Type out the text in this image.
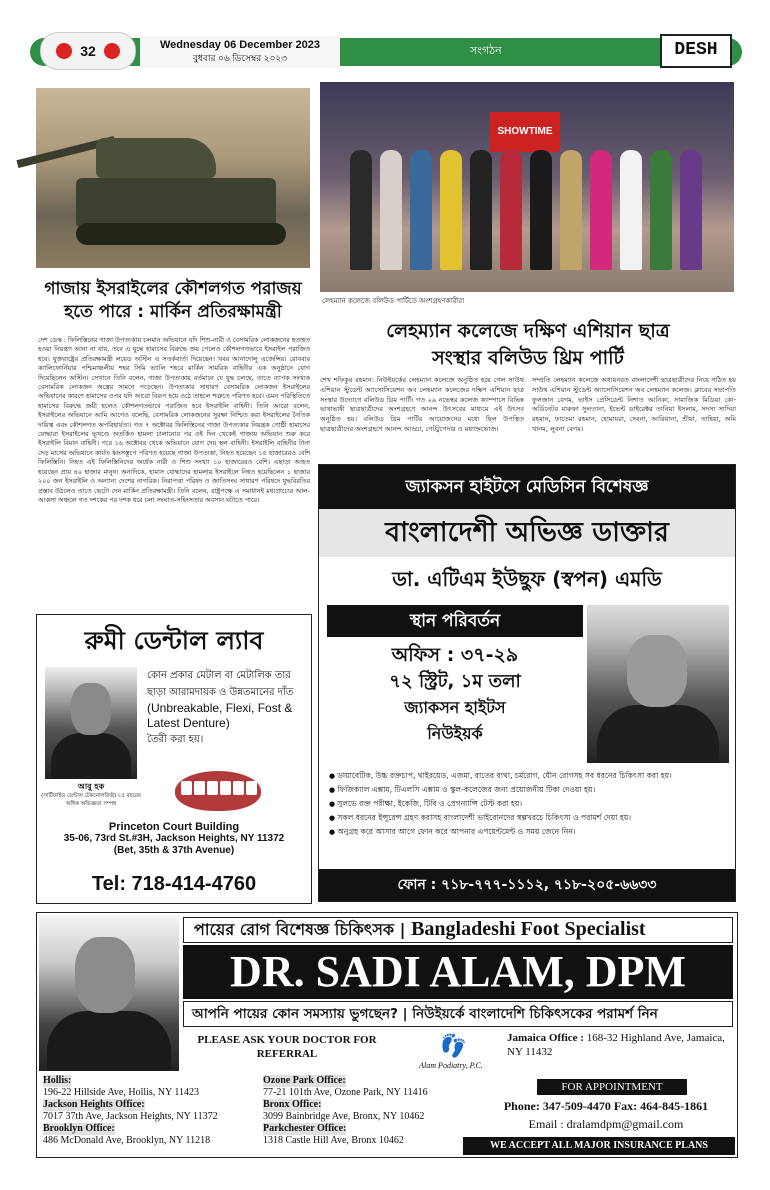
32	Wednesday 06 December 2023
বুধবার ০৬ ডিসেম্বর ২০২৩
সংগঠন	DESH
গাজায় ইসরাইলের কৌশলগত পরাজয়
হতে পারে : মার্কিন প্রতিরক্ষামন্ত্রী
দেশ ডেস্ক : ফিলিস্তিনের গাজা উপত্যকায় চলমান অভিযানে যদি শিশু-নারী ও বেসামরিক লোকজনের হতাহত হওয়া নিয়ন্ত্রণ আনা না যায়, তবে এ যুদ্ধে হামাসের বিরুদ্ধে জয় পেলেও কৌশলগতভাবে ইসরাইল পরাজিত হবে। যুক্তরাষ্ট্রের প্রতিরক্ষামন্ত্রী লয়েড অস্টিন এ সতর্কবার্তা দিয়েছেন। খবর আনাদোলু এজেন্সির। রোববার ক্যালিফোর্নিয়ার পশ্চিমাঞ্চলীয় শহর সিমি ভ্যালি শহরে মার্কিন সামরিক বাহিনীর এক অনুষ্ঠানে যোগ দিয়েছিলেন অস্টিন। সেখানে তিনি বলেন, গাজা উপত্যকায় বর্তমানে যে যুদ্ধ চলছে, তাতে ব্যাপক সংখ্যক বেসামরিক লোকজন অস্ত্রের সামনে পড়েছেন। উপত্যকার সাধারণ বেসামরিক লোকজন ইসরাইলের অভিযানের কারণে হামাসের ওপর যদি আরো বিরূপ হয়ে ওঠে তাহলে শত্রুতে পরিণত হবে। এমন পরিস্থিতিতে হামাসের বিরুদ্ধে জয়ী হলেও কৌশলগতভাবে পরাজিত হবে ইসরাইলি বাহিনী। তিনি আরো বলেন, ইসরাইলের অভিযানে আমি আগেও বলেছি, বেসামরিক লোকজনের সুরক্ষা নিশ্চিত করা ইসরাইলের নৈতিক দায়িত্ব এবং কৌশলগত অপরিহার্যতা। গত ৭ অক্টোবর ফিলিস্তিনের গাজা উপত্যকার নিয়ন্ত্রক গোষ্ঠী হামাসের যোদ্ধারা ইসরাইলের ভূখণ্ডে অতর্কিত হামলা চালানোর পর ওই দিন থেকেই গাজায় অভিযান শুরু করে ইসরাইলি বিমান বাহিনী। পরে ১৬ অক্টোবর থেকে অভিযানে যোগ দেয় স্থল বাহিনী। ইসরাইলি বাহিনীর টানা দেড় মাসের অভিযানে কার্যত ধ্বংসস্তূপে পরিণত হয়েছে গাজা উপত্যকা, নিহত হয়েছেন ১৫ হাজারেরও বেশি ফিলিস্তিনি। নিহত এই ফিলিস্তিনিদের অর্ধেক নারী ও শিশু সংখ্যা ১০ হাজারেরও বেশি। এছাড়া আহত হয়েছেন প্রায় ৪০ হাজার মানুষ। অন্যদিকে, হামাস যোদ্ধাদের হামলায় ইসরাইলে নিহত হয়েছিলেন ১ হাজার ২০০ জন ইসরাইলি ও অন্যান্য দেশের নাগরিক। নিরাপত্তা পরিষদ ও জাতিসংঘ সাধারণ পরিষদে যুদ্ধবিরতির প্রস্তাব উঠলেও তাতে ভেটো দেন মার্কিন প্রতিরক্ষামন্ত্রী। তিনি বলেন, রাষ্ট্রপক্ষে এ সমাধানই মধ্যপ্রাচ্যের আল-আকসা অঞ্চলে গত দশকের পর দশক ধরে চলা সংঘাত-সহিংসতার অবসান ঘটাতে পারে।
SHOWTIME
লেহম্যান কলেজে বলিউড পার্টিতে অংশগ্রহণকারীরা
লেহম্যান কলেজে দক্ষিণ এশিয়ান ছাত্র
সংস্থার বলিউড থ্রিম পার্টি
শেখ শফিকুর রহমান: নিউইয়র্কের লেহম্যান কলেজে অনুষ্ঠিত হয়ে গেল সাউথ এশিয়ান স্টুডেন্ট অ্যাসোসিয়েশন অব লেহম্যান কলেজের দক্ষিণ এশিয়ান ছাত্র সংস্থার উদ্যোগে বলিউড থ্রিম পার্টি। গত ২৯ নভেম্বর কলেজ ক্যাম্পাসে বিভিন্ন ভাষাভাষী ছাত্রছাত্রীদের অংশগ্রহণে আনন্দ উৎসবের মাধ্যমে এই উৎসব অনুষ্ঠিত হয়। বলিউড থ্রিম পার্টির আয়োজনের মধ্যে ছিল উপস্থিত ছাত্রছাত্রীদের অংশগ্রহণে আনন্দ আড্ডা, গেটটুগেদার ও মধ্যাহ্নভোজ।
সম্প্রতি লেহম্যান কলেজে অধ্যয়নরত বাংলাদেশী ছাত্রছাত্রীদের নিয়ে গঠিত হয় সাউথ এশিয়ান স্টুডেন্ট অ্যাসোসিয়েশন অব লেহম্যান কলেজ। ক্লাবের সভাপতি ফুলজান বেগম, ভাইস প্রেসিডেন্ট নিশাত আনিকা, সামাজিক মিডিয়া কো-অর্ডিনেটর মারুফা সুলতানা, ইভেন্ট ডাইরেক্টর তানিয়া ইসলাম, সদস্য সাদিয়া রহমান, ফাতেমা রহমান, হোমায়রা, দেবনা, আরিয়ানা, শ্রীয়া, তাহিয়া, অমি খানম, লুবনা বেগম।
জ্যাকসন হাইটসে মেডিসিন বিশেষজ্ঞ
বাংলাদেশী অভিজ্ঞ ডাক্তার
ডা. এটিএম ইউছুফ (স্বপন) এমডি
স্থান পরিবর্তন
অফিস : ৩৭-২৯
৭২ স্ট্রিট, ১ম তলা
জ্যাকসন হাইটস
নিউইয়র্ক
● ডায়াবেটিক, উচ্চ রক্তচাপ, থাইরয়েড, এজমা, রাতের ব্যথা, চর্মরোগ, যৌন রোগসহ সব ধরনের চিকিৎসা করা হয়।
● ফিজিক্যাল এক্সাম, টিএলসি এক্সাম ও স্কুল-কলেজের জন্য প্রয়োজনীয় টিকা দেওয়া হয়।
● সুলভে রক্ত পরীক্ষা, ইকেজি, টিবি ও প্রেগন্যান্সি টেস্ট করা হয়।
● সকল ধরনের ইন্সুরেন্স গ্রহণ করাসহ বাংলাদেশী ভাইবোনদের স্বল্পখরচে চিকিৎসা ও পরামর্শ দেয়া হয়।
● অনুগ্রহ করে আসার আগে ফোন করে আপনার এপয়েন্টমেন্ট ও সময় জেনে নিন।
ফোন : ৭১৮-৭৭৭-১১১২, ৭১৮-২০৫-৬৬৩৩
রুমী ডেন্টাল ল্যাব
আবু হক
(সার্টিফাইড ডেন্টাল টেকনোলজিষ্ট) ২৫ বছরের অধিক অভিজ্ঞতা সম্পন্ন
কোন প্রকার মেটাল বা মেটালিক তার ছাড়া আরামদায়ক ও উন্নতমানের দাঁত
(Unbreakable, Flexi, Fost & Latest Denture)
তৈরী করা হয়।
Princeton Court Building
35-06, 73rd St.#3H, Jackson Heights, NY 11372
(Bet, 35th & 37th Avenue)
Tel: 718-414-4760
পায়ের রোগ বিশেষজ্ঞ চিকিৎসক | Bangladeshi Foot Specialist
DR. SADI ALAM, DPM
আপনি পায়ের কোন সমস্যায় ভুগছেন? | নিউইয়র্কে বাংলাদেশি চিকিৎসকের পরামর্শ নিন
PLEASE ASK YOUR DOCTOR FOR REFERRAL	👣
Alam Podiatry, P.C.
Jamaica Office : 168-32 Highland Ave, Jamaica, NY 11432
Hollis:
196-22 Hillside Ave, Hollis, NY 11423
Jackson Heights Office:
7017 37th Ave, Jackson Heights, NY 11372
Brooklyn Office:
486 McDonald Ave, Brooklyn, NY 11218
Ozone Park Office:
77-21 101th Ave, Ozone Park, NY 11416
Bronx Office:
3099 Bainbridge Ave, Bronx, NY 10462
Parkchester Office:
1318 Castle Hill Ave, Bronx 10462
FOR APPOINTMENT
Phone: 347-509-4470 Fax: 464-845-1861
Email : dralamdpm@gmail.com
WE ACCEPT ALL MAJOR INSURANCE PLANS
